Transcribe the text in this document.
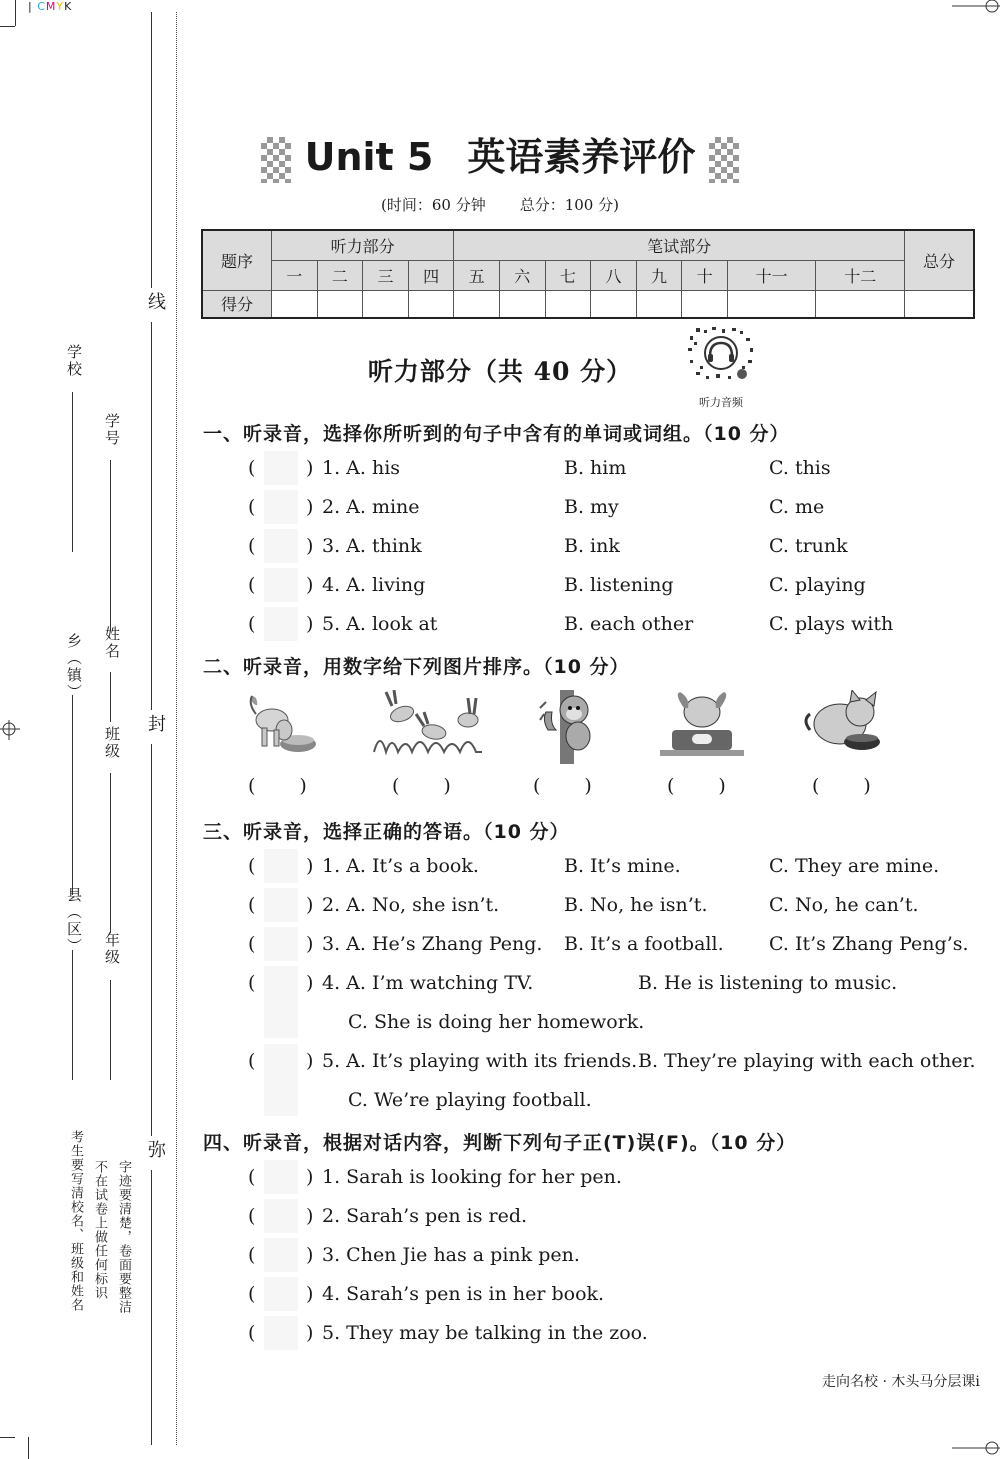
| CMYK
线
封
弥
学校
学号
乡（镇） 姓名
班级
县（区） 年级
考生要写清校名、班级和姓名 不在试卷上做任何标识 字迹要清楚，卷面要整洁
Unit 5 英语素养评价
(时间：60 分钟 总分：100 分)
题序	听力部分				笔试部分								总分
	一	二	三	四	五	六	七	八	九	十	十一	十二	
得分													
听力部分（共 40 分）
听力音频
一、听录音，选择你所听到的句子中含有的单词或词组。（10 分）
(	) 1. A. his	B. him	C. this
(	) 2. A. mine	B. my	C. me
(	) 3. A. think	B. ink	C. trunk
(	) 4. A. living	B. listening	C. playing
(	) 5. A. look at	B. each other	C. plays with
二、听录音，用数字给下列图片排序。（10 分）
( )	( )	( )	( )	( )
三、听录音，选择正确的答语。（10 分）
(	) 1. A. It’s a book.	B. It’s mine.	C. They are mine.
(	) 2. A. No, she isn’t.	B. No, he isn’t.	C. No, he can’t.
(	) 3. A. He’s Zhang Peng. B. It’s a football. C. It’s Zhang Peng’s.
(	) 4. A. I’m watching TV.	B. He is listening to music.
C. She is doing her homework.
(	) 5. A. It’s playing with its friends. B. They’re playing with each other.
C. We’re playing football.
四、听录音，根据对话内容，判断下列句子正(T)误(F)。（10 分）
(	) 1. Sarah is looking for her pen.
(	) 2. Sarah’s pen is red.
(	) 3. Chen Jie has a pink pen.
(	) 4. Sarah’s pen is in her book.
(	) 5. They may be talking in the zoo.
走向名校 · 木头马分层课i
